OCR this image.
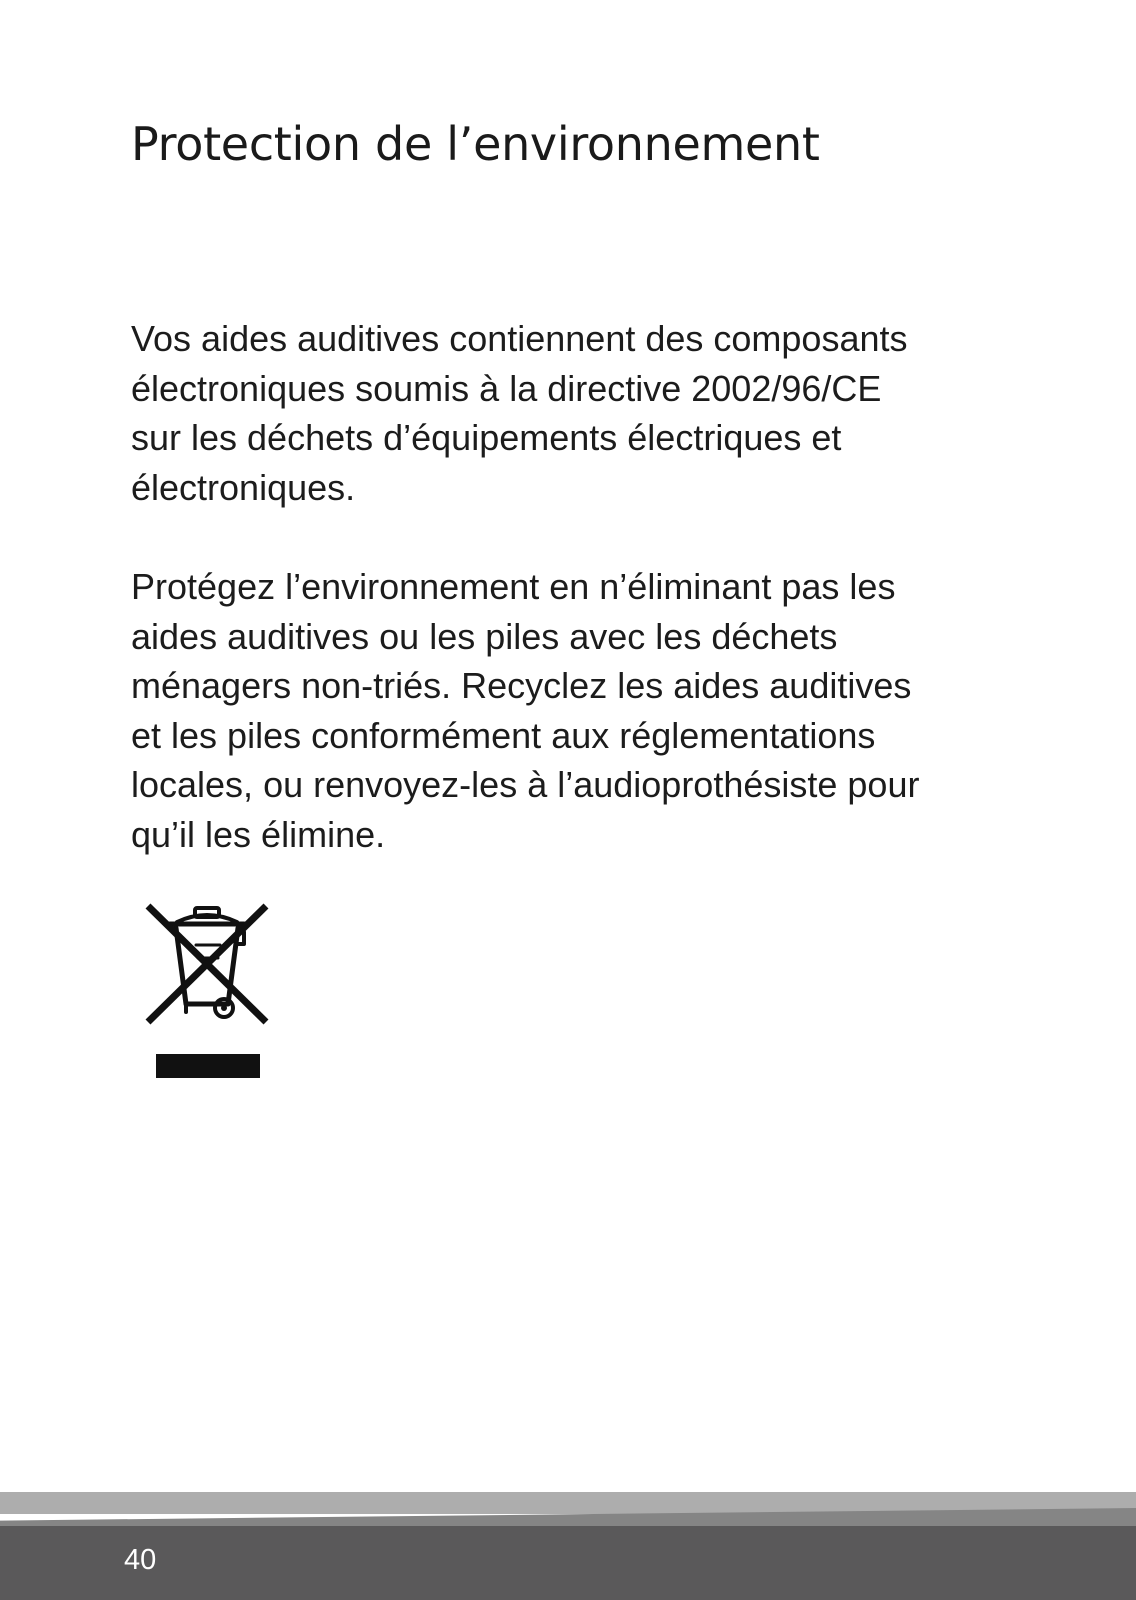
Protection de l’environnement

Vos aides auditives contiennent des composants
électroniques soumis à la directive 2002/96/CE
sur les déchets d’équipements électriques et
électroniques.

Protégez l’environnement en n’éliminant pas les
aides auditives ou les piles avec les déchets
ménagers non-triés. Recyclez les aides auditives
et les piles conformément aux réglementations
locales, ou renvoyez-les à l’audioprothésiste pour
qu’il les élimine.

40
